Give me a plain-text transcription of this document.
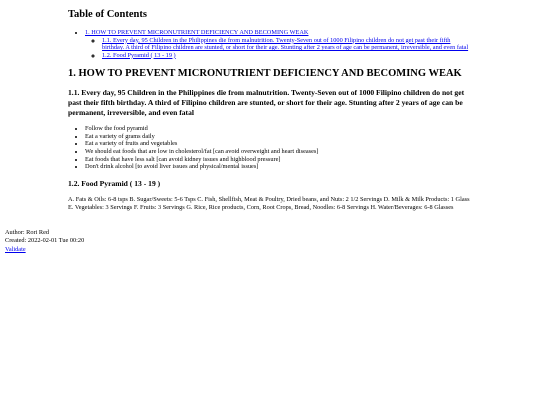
Table of Contents
• 1. HOW TO PREVENT MICRONUTRIENT DEFICIENCY AND BECOMING WEAK
◦ 1.1. Every day, 95 Children in the Philippines die from malnutrition. Twenty-Seven out of 1000 Filipino children do not get past their fifth birthday. A third of Filipino children are stunted, or short for their age. Stunting after 2 years of age can be permanent, irreversible, and even fatal
◦ 1.2. Food Pyramid ( 13 - 19 )
1. HOW TO PREVENT MICRONUTRIENT DEFICIENCY AND BECOMING WEAK
1.1. Every day, 95 Children in the Philippines die from malnutrition. Twenty-Seven out of 1000 Filipino children do not get past their fifth birthday. A third of Filipino children are stunted, or short for their age. Stunting after 2 years of age can be permanent, irreversible, and even fatal
• Follow the food pyramid
• Eat a variety of grams daily
• Eat a variety of fruits and vegetables
• We should eat foods that are low in cholesterol/fat [can avoid overweight and heart diseases]
• Eat foods that have less salt [can avoid kidney issues and highblood pressure]
• Don't drink alcohol [to avoid liver issues and physical/mental issues]
1.2. Food Pyramid ( 13 - 19 )

A. Fats & Oils: 6-8 tsps B. Sugar/Sweets: 5-6 Tsps C. Fish, Shellfish, Meat & Poultry, Dried beans, and Nuts: 2 1/2 Servings D. Milk & Milk Products: 1 Glass E. Vegetables: 3 Servings F. Fruits: 3 Servings G. Rice, Rice products, Corn, Root Crops, Bread, Noodles: 6-8 Servings H. Water/Beverages: 6-8 Glasses

Author: Rori Red
Created: 2022-02-01 Tue 00:20
Validate
